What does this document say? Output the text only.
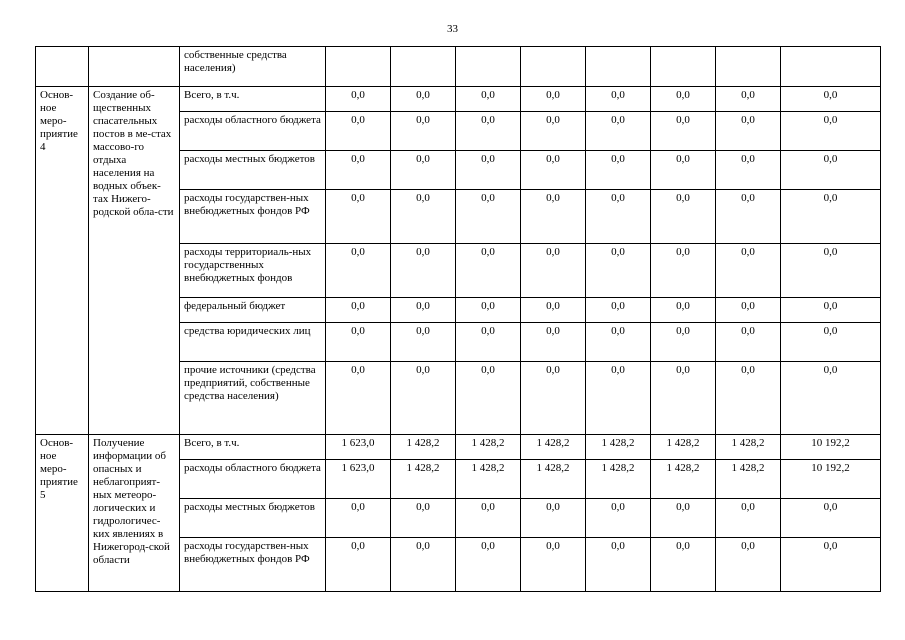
33
		собственные средства населения)								
Основ-ное меро-приятие 4	Создание об-щественных спасательных постов в ме-стах массово-го отдыха населения на водных объек-тах Нижего-родской обла-сти	Всего, в т.ч.	0,0	0,0	0,0	0,0	0,0	0,0	0,0	0,0
		расходы областного бюджета	0,0	0,0	0,0	0,0	0,0	0,0	0,0	0,0
		расходы местных бюджетов	0,0	0,0	0,0	0,0	0,0	0,0	0,0	0,0
		расходы государствен-ных внебюджетных фондов РФ	0,0	0,0	0,0	0,0	0,0	0,0	0,0	0,0
		расходы территориаль-ных государственных внебюджетных фондов	0,0	0,0	0,0	0,0	0,0	0,0	0,0	0,0
		федеральный бюджет	0,0	0,0	0,0	0,0	0,0	0,0	0,0	0,0
		средства юридических лиц	0,0	0,0	0,0	0,0	0,0	0,0	0,0	0,0
		прочие источники (средства предприятий, собственные средства населения)	0,0	0,0	0,0	0,0	0,0	0,0	0,0	0,0
Основ-ное меро-приятие 5	Получение информации об опасных и неблагоприят-ных метеоро-логических и гидрологичес-ких явлениях в Нижегород-ской области	Всего, в т.ч.	1 623,0	1 428,2	1 428,2	1 428,2	1 428,2	1 428,2	1 428,2	10 192,2
		расходы областного бюджета	1 623,0	1 428,2	1 428,2	1 428,2	1 428,2	1 428,2	1 428,2	10 192,2
		расходы местных бюджетов	0,0	0,0	0,0	0,0	0,0	0,0	0,0	0,0
		расходы государствен-ных внебюджетных фондов РФ	0,0	0,0	0,0	0,0	0,0	0,0	0,0	0,0
